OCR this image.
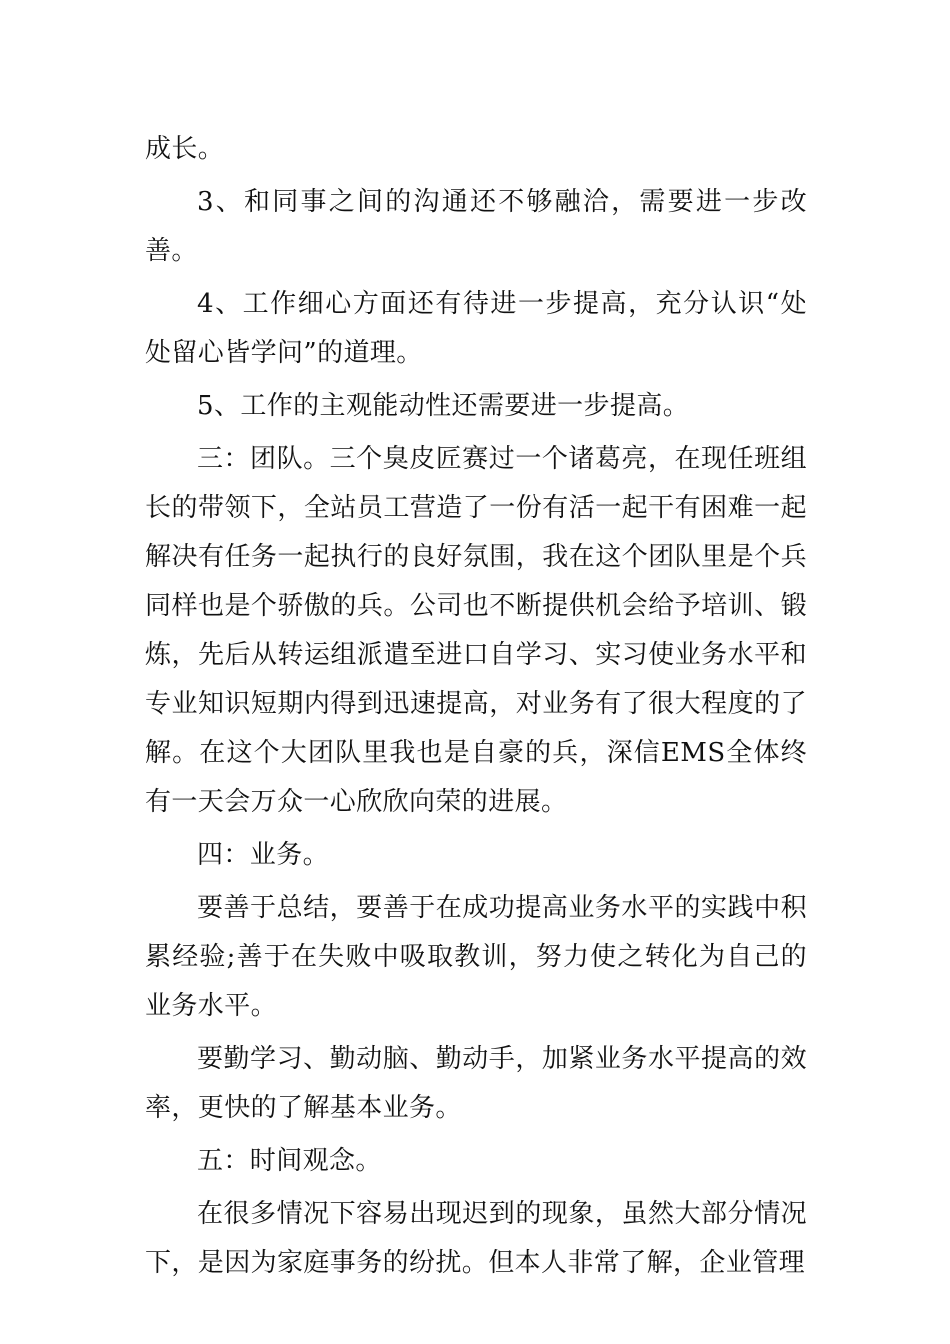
成长。

3、和同事之间的沟通还不够融洽，需要进一步改善。

4、工作细心方面还有待进一步提高，充分认识“处处留心皆学问”的道理。

5、工作的主观能动性还需要进一步提高。

三：团队。三个臭皮匠赛过一个诸葛亮，在现任班组长的带领下，全站员工营造了一份有活一起干有困难一起解决有任务一起执行的良好氛围，我在这个团队里是个兵同样也是个骄傲的兵。公司也不断提供机会给予培训、锻炼，先后从转运组派遣至进口自学习、实习使业务水平和专业知识短期内得到迅速提高，对业务有了很大程度的了解。在这个大团队里我也是自豪的兵，深信EMS全体终有一天会万众一心欣欣向荣的进展。

四：业务。

要善于总结，要善于在成功提高业务水平的实践中积累经验;善于在失败中吸取教训，努力使之转化为自己的业务水平。

要勤学习、勤动脑、勤动手，加紧业务水平提高的效率，更快的了解基本业务。

五：时间观念。

在很多情况下容易出现迟到的现象，虽然大部分情况下，是因为家庭事务的纷扰。但本人非常了解，企业管理
